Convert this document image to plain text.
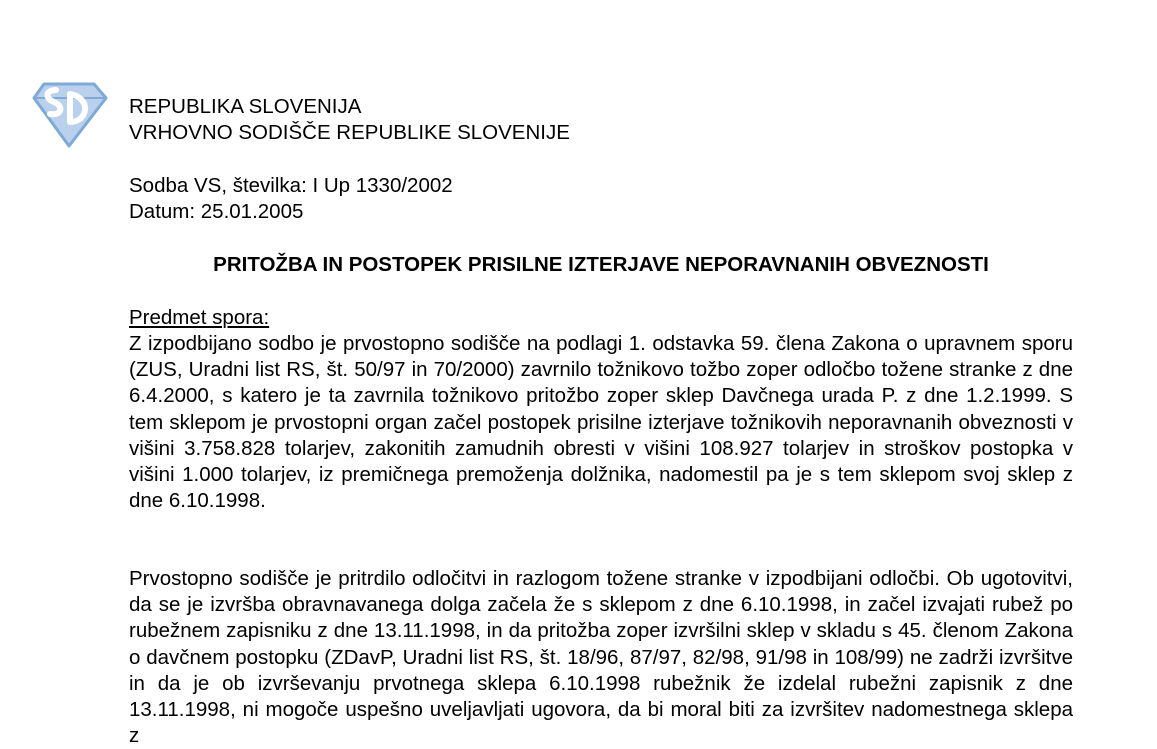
REPUBLIKA SLOVENIJA
VRHOVNO SODIŠČE REPUBLIKE SLOVENIJE
Sodba VS, številka: I Up 1330/2002
Datum: 25.01.2005
PRITOŽBA IN POSTOPEK PRISILNE IZTERJAVE NEPORAVNANIH OBVEZNOSTI
Predmet spora:

Z izpodbijano sodbo je prvostopno sodišče na podlagi 1. odstavka 59. člena Zakona o upravnem sporu (ZUS, Uradni list RS, št. 50/97 in 70/2000) zavrnilo tožnikovo tožbo zoper odločbo tožene stranke z dne 6.4.2000, s katero je ta zavrnila tožnikovo pritožbo zoper sklep Davčnega urada P. z dne 1.2.1999. S tem sklepom je prvostopni organ začel postopek prisilne izterjave tožnikovih neporavnanih obveznosti v višini 3.758.828 tolarjev, zakonitih zamudnih obresti v višini 108.927 tolarjev in stroškov postopka v višini 1.000 tolarjev, iz premičnega premoženja dolžnika, nadomestil pa je s tem sklepom svoj sklep z dne 6.10.1998.

Prvostopno sodišče je pritrdilo odločitvi in razlogom tožene stranke v izpodbijani odločbi. Ob ugotovitvi, da se je izvršba obravnavanega dolga začela že s sklepom z dne 6.10.1998, in začel izvajati rubež po rubežnem zapisniku z dne 13.11.1998, in da pritožba zoper izvršilni sklep v skladu s 45. členom Zakona o davčnem postopku (ZDavP, Uradni list RS, št. 18/96, 87/97, 82/98, 91/98 in 108/99) ne zadrži izvršitve in da je ob izvrševanju prvotnega sklepa 6.10.1998 rubežnik že izdelal rubežni zapisnik z dne 13.11.1998, ni mogoče uspešno uveljavljati ugovora, da bi moral biti za izvršitev nadomestnega sklepa z
